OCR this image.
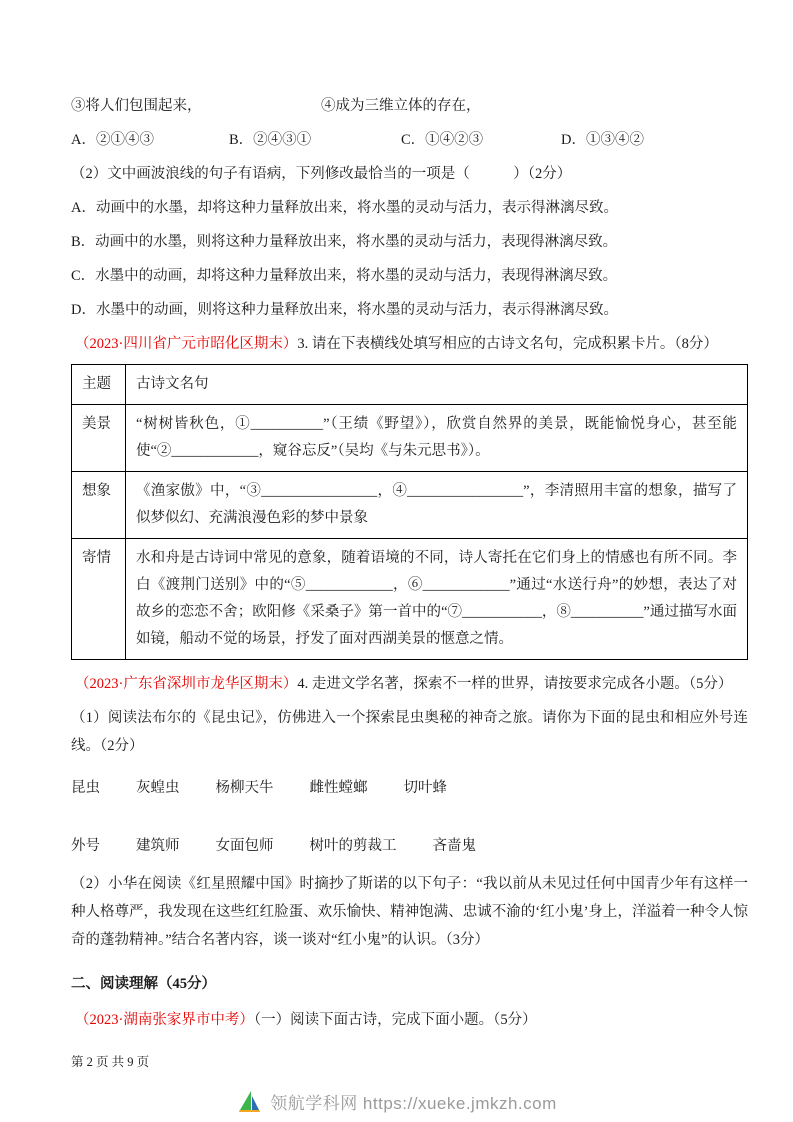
③将人们包围起来，	④成为三维立体的存在，

A．②①④③	B．②④③①	C．①④②③	D．①③④②

（2）文中画波浪线的句子有语病，下列修改最恰当的一项是（　　　）（2分）

A．动画中的水墨，却将这种力量释放出来，将水墨的灵动与活力，表示得淋漓尽致。

B．动画中的水墨，则将这种力量释放出来，将水墨的灵动与活力，表现得淋漓尽致。

C．水墨中的动画，却将这种力量释放出来，将水墨的灵动与活力，表现得淋漓尽致。

D．水墨中的动画，则将这种力量释放出来，将水墨的灵动与活力，表示得淋漓尽致。

（2023·四川省广元市昭化区期末）3. 请在下表横线处填写相应的古诗文名句，完成积累卡片。（8分）

主题	古诗文名句
美景	“树树皆秋色，①__________”（王绩《野望》），欣赏自然界的美景，既能愉悦身心，甚至能使“②____________，窥谷忘反”（吴均《与朱元思书》）。
想象	《渔家傲》中，“③________________，④________________”，李清照用丰富的想象，描写了似梦似幻、充满浪漫色彩的梦中景象
寄情	水和舟是古诗词中常见的意象，随着语境的不同，诗人寄托在它们身上的情感也有所不同。李白《渡荆门送别》中的“⑤____________，⑥____________”通过“水送行舟”的妙想，表达了对故乡的恋恋不舍；欧阳修《采桑子》第一首中的“⑦___________，⑧__________”通过描写水面如镜，船动不觉的场景，抒发了面对西湖美景的惬意之情。

（2023·广东省深圳市龙华区期末）4. 走进文学名著，探索不一样的世界，请按要求完成各小题。（5分）

（1）阅读法布尔的《昆虫记》，仿佛进入一个探索昆虫奥秘的神奇之旅。请你为下面的昆虫和相应外号连线。（2分）

昆虫 灰蝗虫 杨柳天牛 雌性螳螂 切叶蜂
外号 建筑师 女面包师 树叶的剪裁工 吝啬鬼

（2）小华在阅读《红星照耀中国》时摘抄了斯诺的以下句子：“我以前从未见过任何中国青少年有这样一种人格尊严，我发现在这些红红脸蛋、欢乐愉快、精神饱满、忠诚不渝的‘红小鬼’身上，洋溢着一种令人惊奇的蓬勃精神。”结合名著内容，谈一谈对“红小鬼”的认识。（3分）

二、阅读理解（45分）

（2023·湖南张家界市中考）（一）阅读下面古诗，完成下面小题。（5分）

第 2 页 共 9 页
领航学科网 https://xueke.jmkzh.com
